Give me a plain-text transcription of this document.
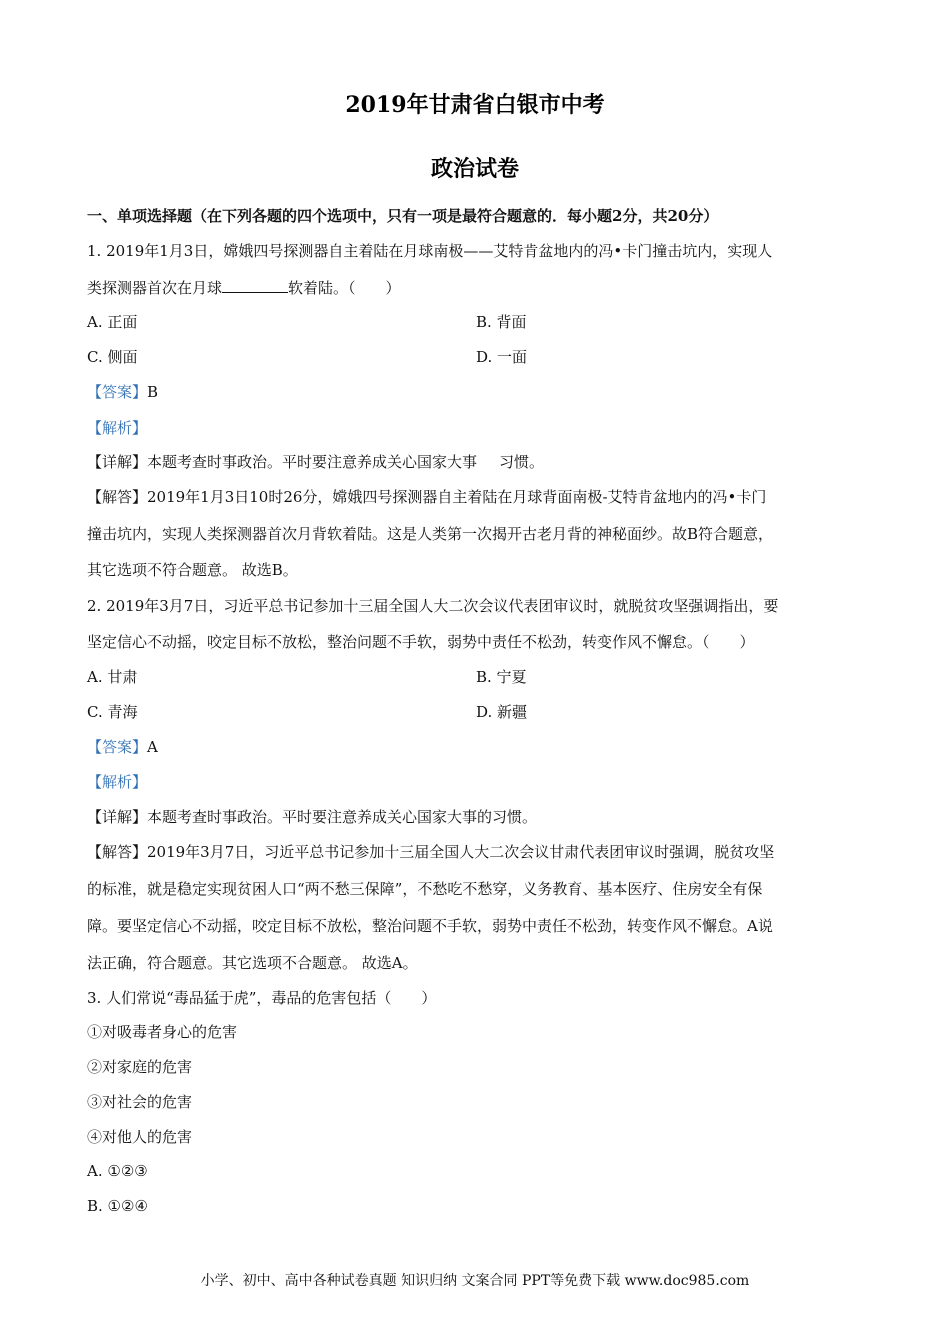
2019年甘肃省白银市中考
政治试卷
一、单项选择题（在下列各题的四个选项中，只有一项是最符合题意的．每小题2分，共20分）
1. 2019年1月3日，嫦娥四号探测器自主着陆在月球南极——艾特肯盆地内的冯•卡门撞击坑内，实现人
类探测器首次在月球	软着陆。（　　）
A. 正面	B. 背面
C. 侧面	D. 一面
【答案】B
【解析】
【详解】本题考查时事政治。平时要注意养成关心国家大事 习惯。
【解答】2019年1月3日10时26分，嫦娥四号探测器自主着陆在月球背面南极-艾特肯盆地内的冯•卡门
撞击坑内，实现人类探测器首次月背软着陆。这是人类第一次揭开古老月背的神秘面纱。故B符合题意，
其它选项不符合题意。 故选B。
2. 2019年3月7日，习近平总书记参加十三届全国人大二次会议代表团审议时，就脱贫攻坚强调指出，要
坚定信心不动摇，咬定目标不放松，整治问题不手软，弱势中责任不松劲，转变作风不懈怠。（　　）
A. 甘肃	B. 宁夏
C. 青海	D. 新疆
【答案】A
【解析】
【详解】本题考查时事政治。平时要注意养成关心国家大事的习惯。
【解答】2019年3月7日，习近平总书记参加十三届全国人大二次会议甘肃代表团审议时强调，脱贫攻坚
的标准，就是稳定实现贫困人口“两不愁三保障”，不愁吃不愁穿，义务教育、基本医疗、住房安全有保
障。要坚定信心不动摇，咬定目标不放松，整治问题不手软，弱势中责任不松劲，转变作风不懈怠。A说
法正确，符合题意。其它选项不合题意。 故选A。
3. 人们常说“毒品猛于虎”，毒品的危害包括（　　）
①对吸毒者身心的危害
②对家庭的危害
③对社会的危害
④对他人的危害
A. ①②③
B. ①②④
小学、初中、高中各种试卷真题 知识归纳 文案合同 PPT等免费下载 www.doc985.com
